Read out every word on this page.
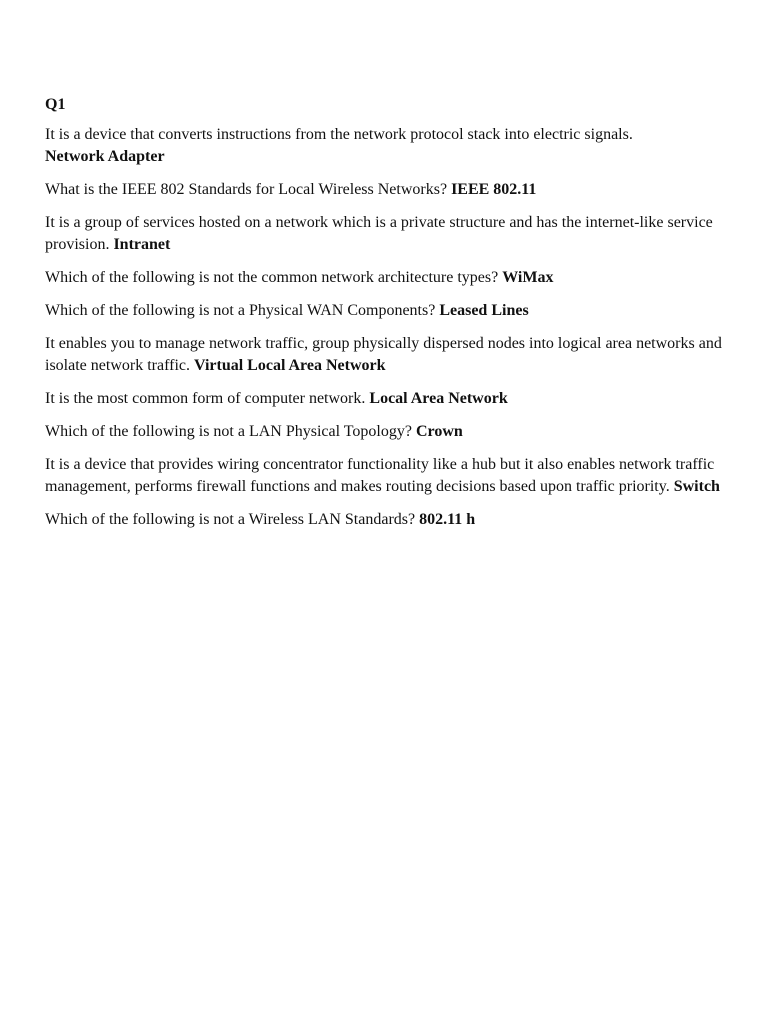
Q1

It is a device that converts instructions from the network protocol stack into electric signals.
Network Adapter

What is the IEEE 802 Standards for Local Wireless Networks? IEEE 802.11

It is a group of services hosted on a network which is a private structure and has the internet-like service provision. Intranet

Which of the following is not the common network architecture types? WiMax

Which of the following is not a Physical WAN Components? Leased Lines

It enables you to manage network traffic, group physically dispersed nodes into logical area networks and isolate network traffic. Virtual Local Area Network

It is the most common form of computer network. Local Area Network

Which of the following is not a LAN Physical Topology? Crown

It is a device that provides wiring concentrator functionality like a hub but it also enables network traffic management, performs firewall functions and makes routing decisions based upon traffic priority. Switch

Which of the following is not a Wireless LAN Standards? 802.11 h
